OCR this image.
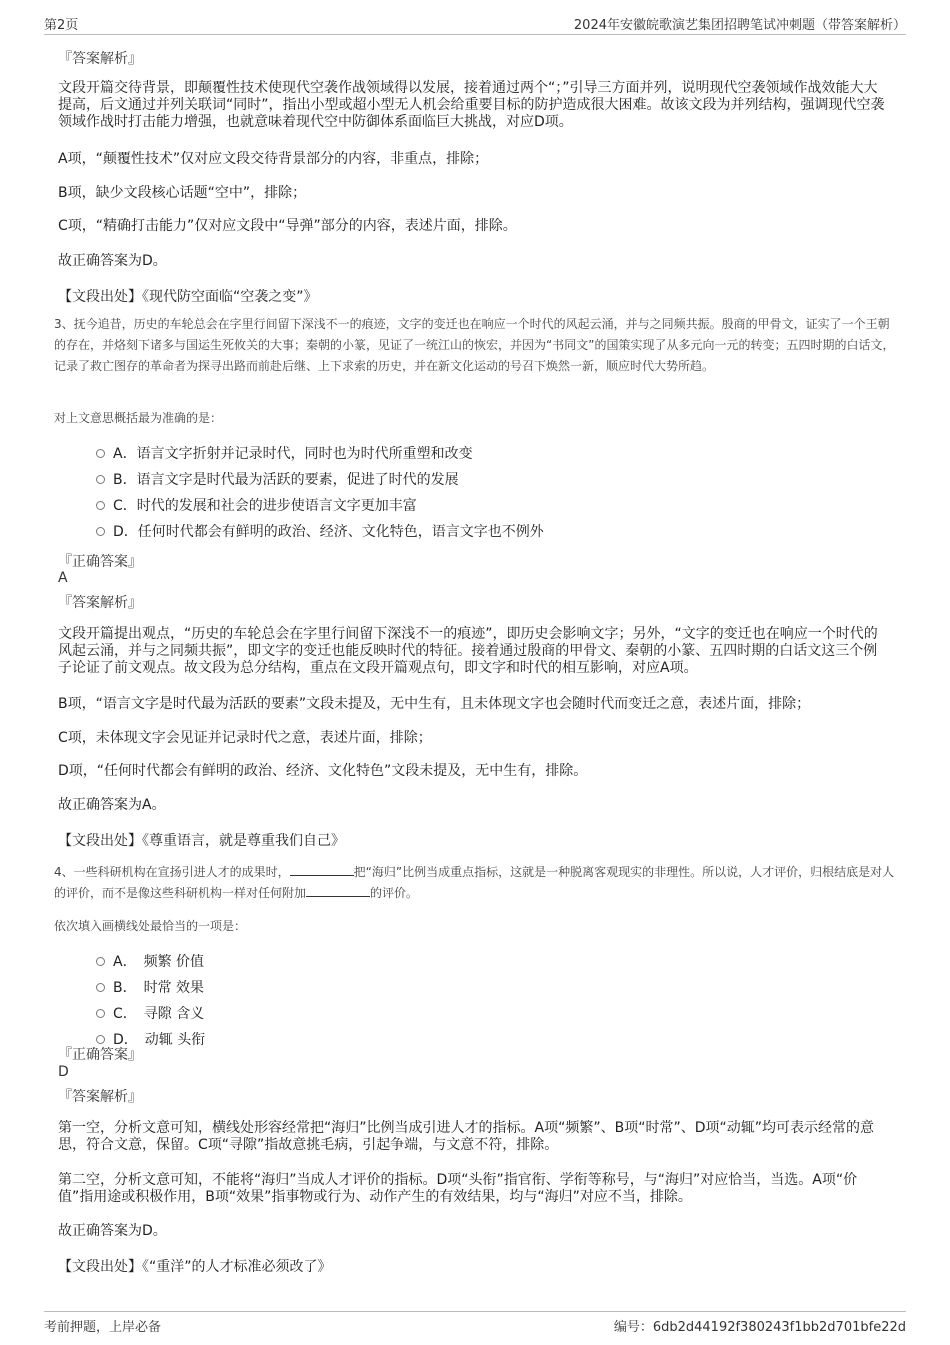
第2页	2024年安徽皖歌演艺集团招聘笔试冲刺题（带答案解析）
『答案解析』
文段开篇交待背景，即颠覆性技术使现代空袭作战领域得以发展，接着通过两个“；”引导三方面并列，说明现代空袭领域作战效能大大提高，后文通过并列关联词“同时”，指出小型或超小型无人机会给重要目标的防护造成很大困难。故该文段为并列结构，强调现代空袭领域作战时打击能力增强，也就意味着现代空中防御体系面临巨大挑战，对应D项。
A项，“颠覆性技术”仅对应文段交待背景部分的内容，非重点，排除；
B项，缺少文段核心话题“空中”，排除；
C项，“精确打击能力”仅对应文段中“导弹”部分的内容，表述片面，排除。
故正确答案为D。
【文段出处】《现代防空面临“空袭之变”》
3、抚今追昔，历史的车轮总会在字里行间留下深浅不一的痕迹，文字的变迁也在响应一个时代的风起云涌，并与之同频共振。殷商的甲骨文，证实了一个王朝的存在，并烙刻下诸多与国运生死攸关的大事；秦朝的小篆，见证了一统江山的恢宏，并因为“书同文”的国策实现了从多元向一元的转变；五四时期的白话文，记录了救亡图存的革命者为探寻出路而前赴后继、上下求索的历史，并在新文化运动的号召下焕然一新，顺应时代大势所趋。
对上文意思概括最为准确的是：
A．语言文字折射并记录时代，同时也为时代所重塑和改变
B．语言文字是时代最为活跃的要素，促进了时代的发展
C．时代的发展和社会的进步使语言文字更加丰富
D．任何时代都会有鲜明的政治、经济、文化特色，语言文字也不例外
『正确答案』
A
『答案解析』
文段开篇提出观点，“历史的车轮总会在字里行间留下深浅不一的痕迹”，即历史会影响文字；另外，“文字的变迁也在响应一个时代的风起云涌，并与之同频共振”，即文字的变迁也能反映时代的特征。接着通过殷商的甲骨文、秦朝的小篆、五四时期的白话文这三个例子论证了前文观点。故文段为总分结构，重点在文段开篇观点句，即文字和时代的相互影响，对应A项。
B项，“语言文字是时代最为活跃的要素”文段未提及，无中生有，且未体现文字也会随时代而变迁之意，表述片面，排除；
C项，未体现文字会见证并记录时代之意，表述片面，排除；
D项，“任何时代都会有鲜明的政治、经济、文化特色”文段未提及，无中生有，排除。
故正确答案为A。
【文段出处】《尊重语言，就是尊重我们自己》
4、一些科研机构在宣扬引进人才的成果时，	把“海归”比例当成重点指标，这就是一种脱离客观现实的非理性。所以说，人才评价，归根结底是对人的评价，而不是像这些科研机构一样对任何附加	的评价。
依次填入画横线处最恰当的一项是：
A．　频繁 价值
B．　时常 效果
C．　寻隙 含义
D．　动辄 头衔
『正确答案』
D
『答案解析』
第一空，分析文意可知，横线处形容经常把“海归”比例当成引进人才的指标。A项“频繁”、B项“时常”、D项“动辄”均可表示经常的意思，符合文意，保留。C项“寻隙”指故意挑毛病，引起争端，与文意不符，排除。
第二空，分析文意可知，不能将“海归”当成人才评价的指标。D项“头衔”指官衔、学衔等称号，与“海归”对应恰当，当选。A项“价值”指用途或积极作用，B项“效果”指事物或行为、动作产生的有效结果，均与“海归”对应不当，排除。
故正确答案为D。
【文段出处】《“重洋”的人才标准必须改了》
考前押题，上岸必备	编号：6db2d44192f380243f1bb2d701bfe22d
